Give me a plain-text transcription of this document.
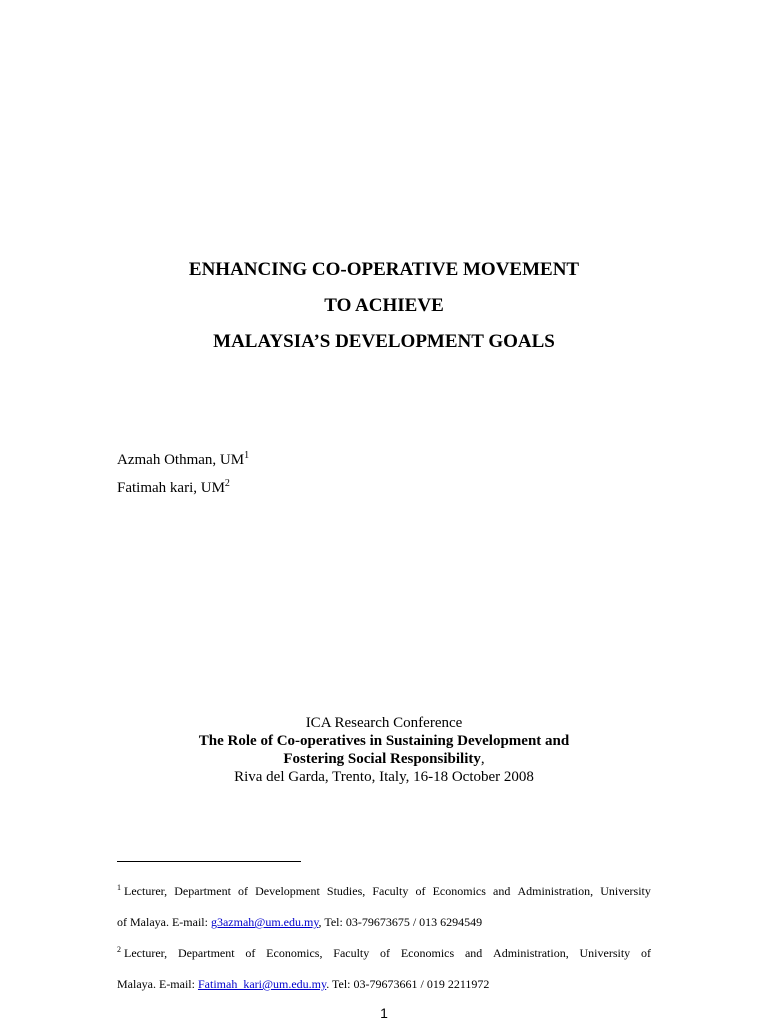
ENHANCING CO-OPERATIVE MOVEMENT

TO ACHIEVE

MALAYSIA’S DEVELOPMENT GOALS

Azmah Othman, $UM^1$

Fatimah kari, $UM^2$

ICA Research Conference

The Role of Co-operatives in Sustaining Development and

Fostering Social Responsibility,

Riva del Garda, Trento, Italy, 16-18 October 2008

$^1$ Lecturer, Department of Development Studies, Faculty of Economics and Administration, University
of Malaya. E-mail: g3azmah@um.edu.my, Tel: 03-79673675 / 013 6294549
$^2$ Lecturer, Department of Economics, Faculty of Economics and Administration, University of
Malaya. E-mail: Fatimah_kari@um.edu.my. Tel: 03-79673661 / 019 2211972
1
